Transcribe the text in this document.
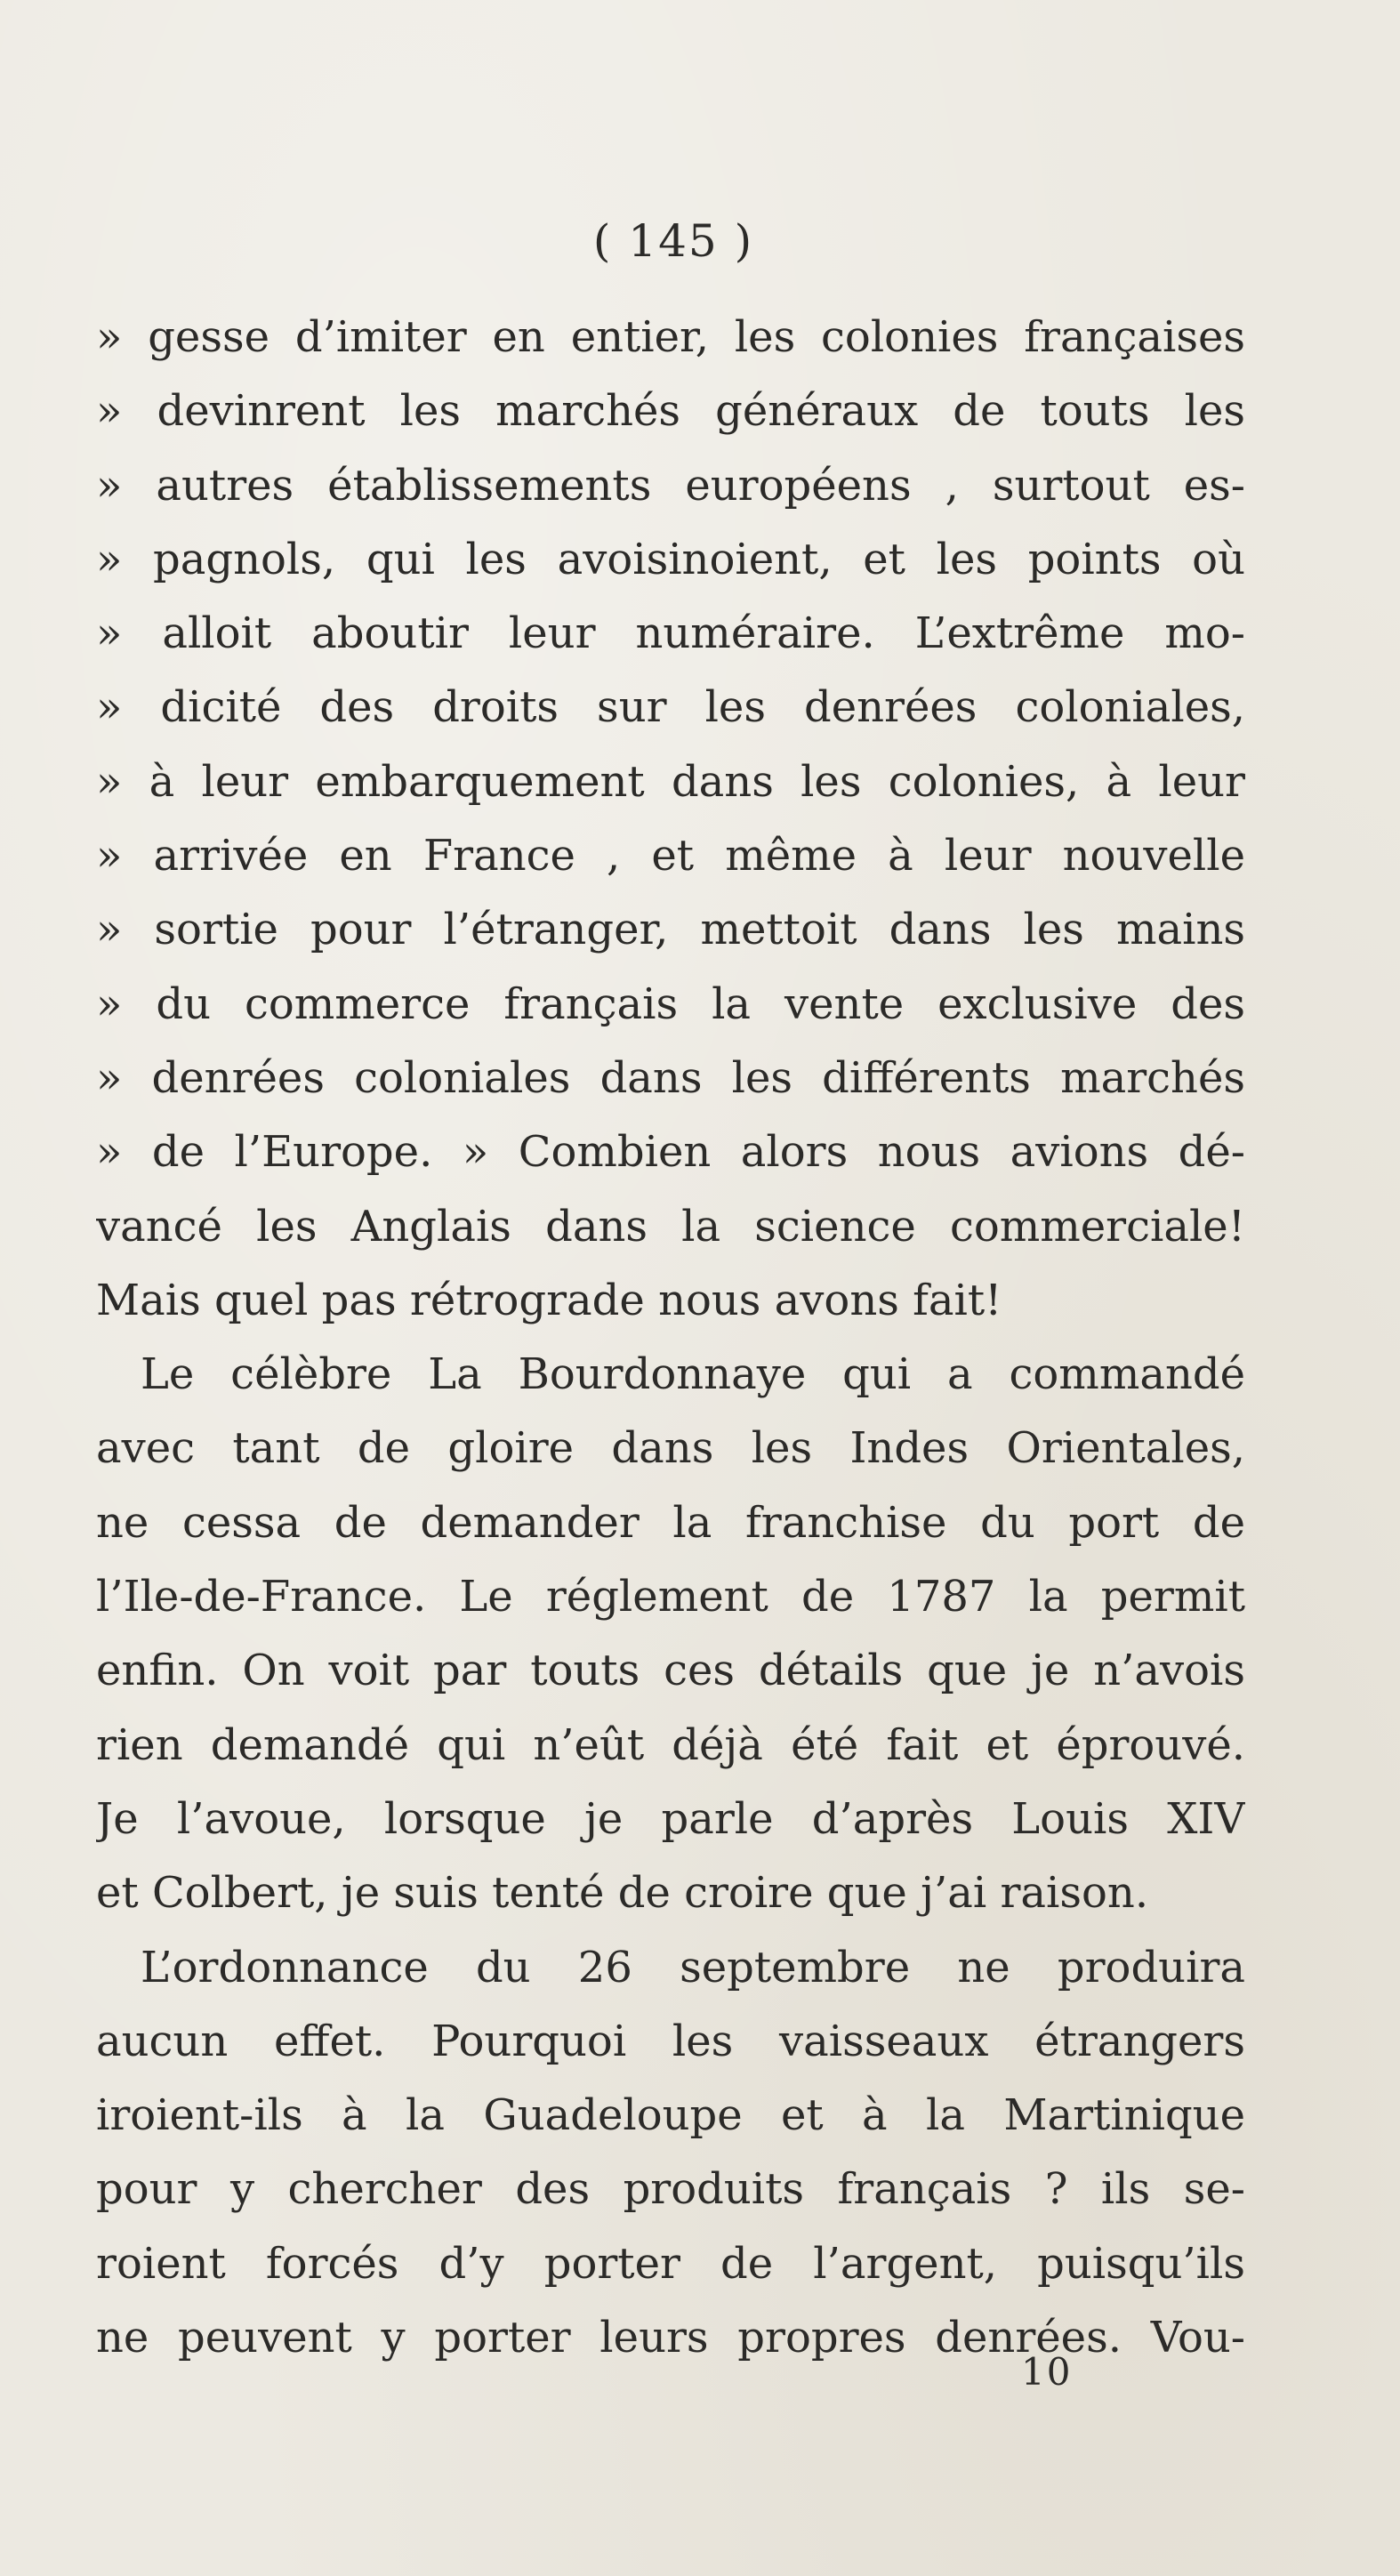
( 145 )
» gesse d’imiter en entier, les colonies françaises
» devinrent les marchés généraux de touts les
» autres établissements européens , surtout es-
» pagnols, qui les avoisinoient, et les points où
» alloit aboutir leur numéraire. L’extrême mo-
» dicité des droits sur les denrées coloniales,
» à leur embarquement dans les colonies, à leur
» arrivée en France , et même à leur nouvelle
» sortie pour l’étranger, mettoit dans les mains
» du commerce français la vente exclusive des
» denrées coloniales dans les différents marchés
» de l’Europe. » Combien alors nous avions dé-
vancé les Anglais dans la science commerciale!
Mais quel pas rétrograde nous avons fait!
Le célèbre La Bourdonnaye qui a commandé
avec tant de gloire dans les Indes Orientales,
ne cessa de demander la franchise du port de
l’Ile-de-France. Le réglement de 1787 la permit
enfin. On voit par touts ces détails que je n’avois
rien demandé qui n’eût déjà été fait et éprouvé.
Je l’avoue, lorsque je parle d’après Louis XIV
et Colbert, je suis tenté de croire que j’ai raison.
L’ordonnance du 26 septembre ne produira
aucun effet. Pourquoi les vaisseaux étrangers
iroient-ils à la Guadeloupe et à la Martinique
pour y chercher des produits français ? ils se-
roient forcés d’y porter de l’argent, puisqu’ils
ne peuvent y porter leurs propres denrées. Vou-
10
